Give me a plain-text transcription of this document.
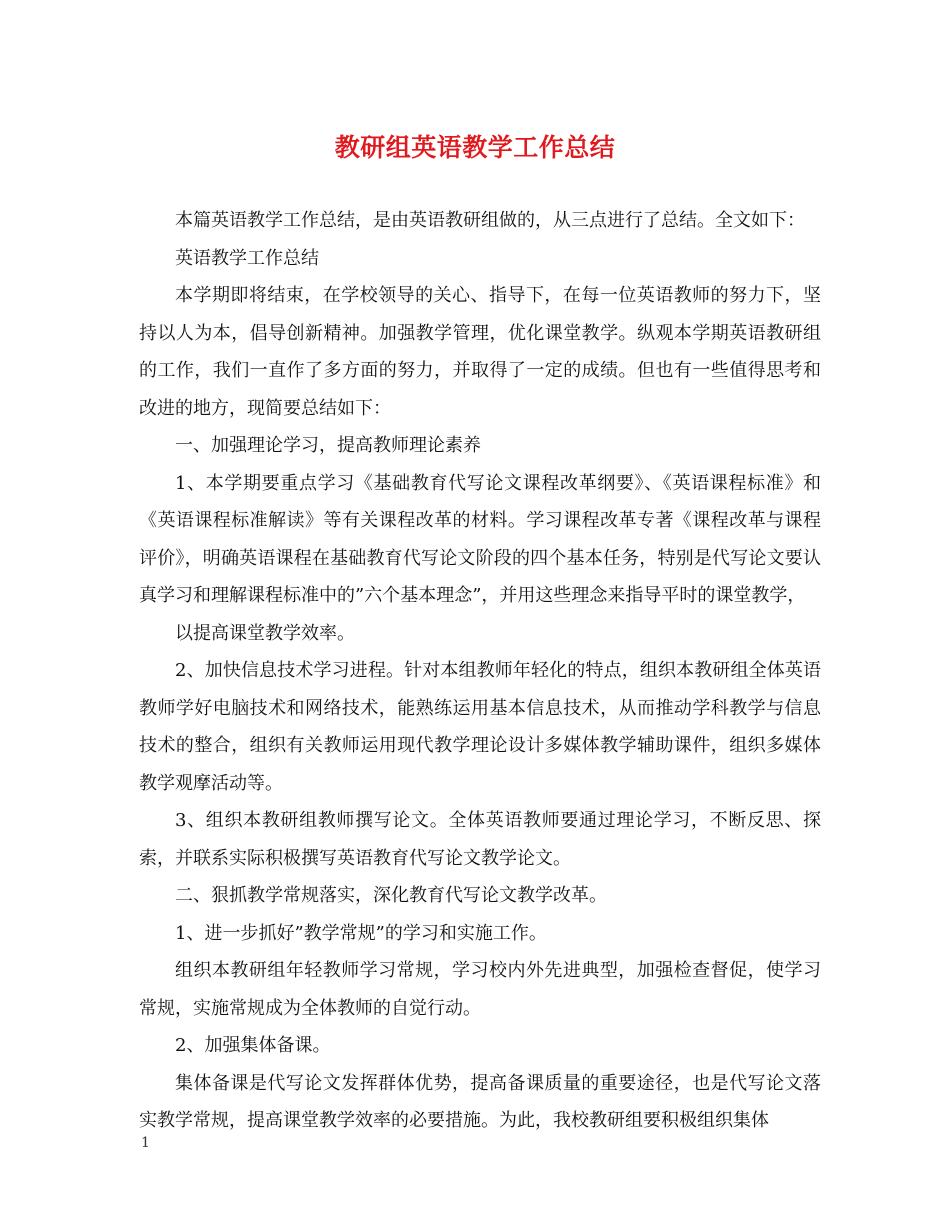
教研组英语教学工作总结

本篇英语教学工作总结，是由英语教研组做的，从三点进行了总结。全文如下：

英语教学工作总结

本学期即将结束，在学校领导的关心、指导下，在每一位英语教师的努力下，坚持以人为本，倡导创新精神。加强教学管理，优化课堂教学。纵观本学期英语教研组的工作，我们一直作了多方面的努力，并取得了一定的成绩。但也有一些值得思考和改进的地方，现简要总结如下：

一、加强理论学习，提高教师理论素养

1、本学期要重点学习《基础教育代写论文课程改革纲要》、《英语课程标准》和《英语课程标准解读》等有关课程改革的材料。学习课程改革专著《课程改革与课程评价》，明确英语课程在基础教育代写论文阶段的四个基本任务，特别是代写论文要认真学习和理解课程标准中的”六个基本理念”，并用这些理念来指导平时的课堂教学，

以提高课堂教学效率。

2、加快信息技术学习进程。针对本组教师年轻化的特点，组织本教研组全体英语教师学好电脑技术和网络技术，能熟练运用基本信息技术，从而推动学科教学与信息技术的整合，组织有关教师运用现代教学理论设计多媒体教学辅助课件，组织多媒体教学观摩活动等。

3、组织本教研组教师撰写论文。全体英语教师要通过理论学习，不断反思、探索，并联系实际积极撰写英语教育代写论文教学论文。

二、狠抓教学常规落实，深化教育代写论文教学改革。

1、进一步抓好”教学常规”的学习和实施工作。

组织本教研组年轻教师学习常规，学习校内外先进典型，加强检查督促，使学习常规，实施常规成为全体教师的自觉行动。

2、加强集体备课。

集体备课是代写论文发挥群体优势，提高备课质量的重要途径，也是代写论文落实教学常规，提高课堂教学效率的必要措施。为此，我校教研组要积极组织集体

1
